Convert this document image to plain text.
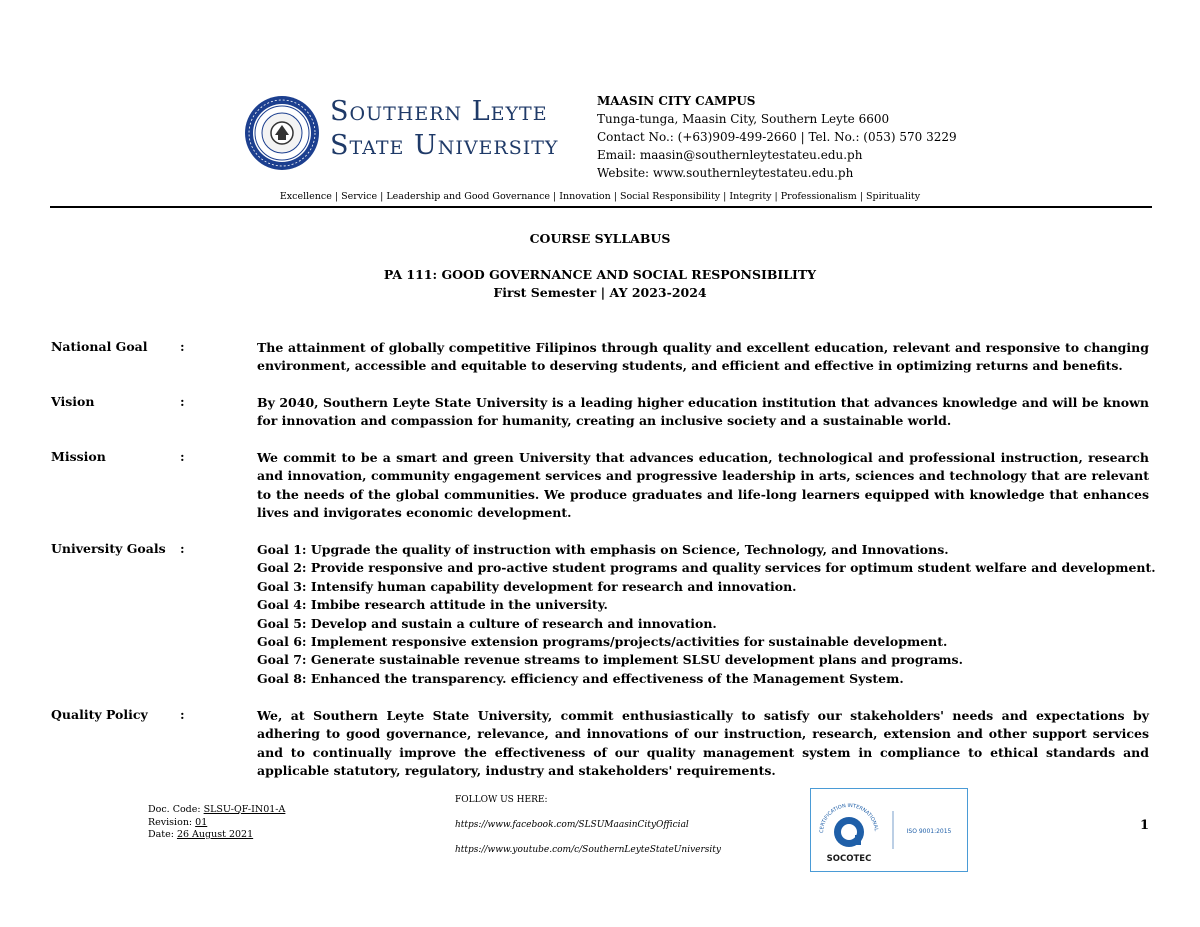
Southern Leyte
State University
MAASIN CITY CAMPUS
Tunga-tunga, Maasin City, Southern Leyte 6600
Contact No.: (+63)909-499-2660 | Tel. No.: (053) 570 3229
Email: maasin@southernleytestateu.edu.ph
Website: www.southernleytestateu.edu.ph
Excellence | Service | Leadership and Good Governance | Innovation | Social Responsibility | Integrity | Professionalism | Spirituality
COURSE SYLLABUS
PA 111: GOOD GOVERNANCE AND SOCIAL RESPONSIBILITY
First Semester | AY 2023-2024
National Goal	:	The attainment of globally competitive Filipinos through quality and excellent education, relevant and responsive to changing environment, accessible and equitable to deserving students, and efficient and effective in optimizing returns and benefits.
Vision	:	By 2040, Southern Leyte State University is a leading higher education institution that advances knowledge and will be known for innovation and compassion for humanity, creating an inclusive society and a sustainable world.
Mission	:	We commit to be a smart and green University that advances education, technological and professional instruction, research and innovation, community engagement services and progressive leadership in arts, sciences and technology that are relevant to the needs of the global communities. We produce graduates and life-long learners equipped with knowledge that enhances lives and invigorates economic development.
University Goals :	Goal 1: Upgrade the quality of instruction with emphasis on Science, Technology, and Innovations.
Goal 2: Provide responsive and pro-active student programs and quality services for optimum student welfare and development.
Goal 3: Intensify human capability development for research and innovation.
Goal 4: Imbibe research attitude in the university.
Goal 5: Develop and sustain a culture of research and innovation.
Goal 6: Implement responsive extension programs/projects/activities for sustainable development.
Goal 7: Generate sustainable revenue streams to implement SLSU development plans and programs.
Goal 8: Enhanced the transparency. efficiency and effectiveness of the Management System.
Quality Policy	:	We, at Southern Leyte State University, commit enthusiastically to satisfy our stakeholders' needs and expectations by adhering to good governance, relevance, and innovations of our instruction, research, extension and other support services and to continually improve the effectiveness of our quality management system in compliance to ethical standards and applicable statutory, regulatory, industry and stakeholders' requirements.
Doc. Code: SLSU-QF-IN01-A
Revision: 01
Date: 26 August 2021
FOLLOW US HERE:
https://www.facebook.com/SLSUMaasinCityOfficial
https://www.youtube.com/c/SouthernLeyteStateUniversity
CERTIFICATION INTERNATIONAL
SOCOTEC
ISO 9001:2015	1
